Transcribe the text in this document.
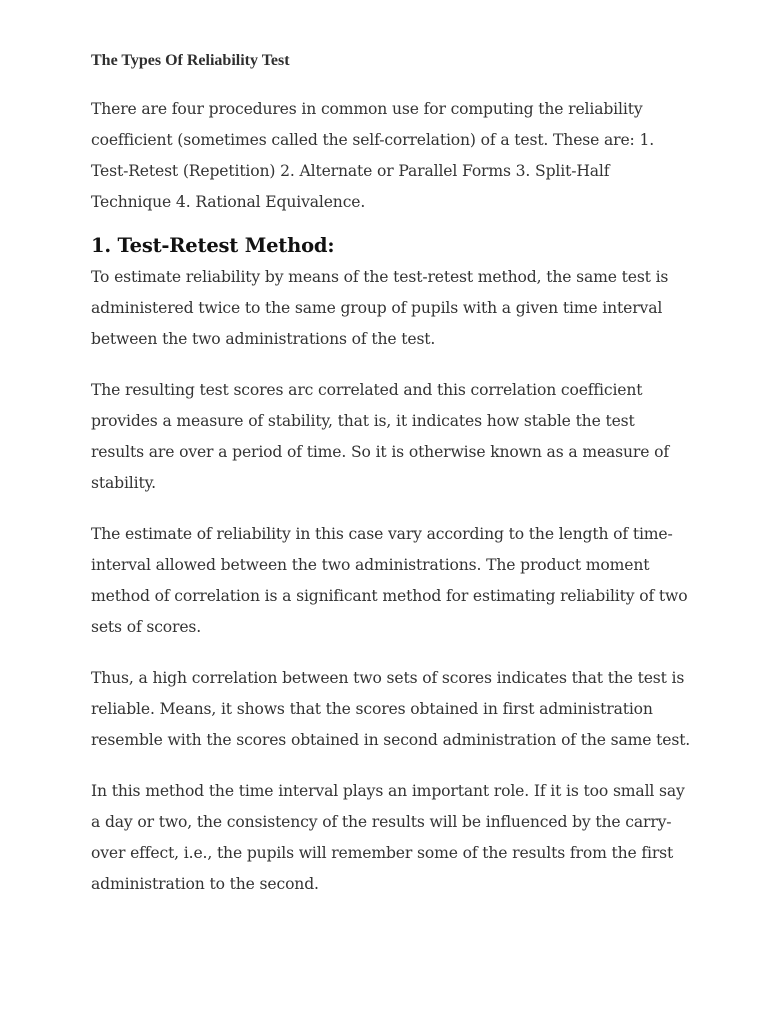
The Types Of Reliability Test

There are four procedures in common use for computing the reliability coefficient (sometimes called the self-correlation) of a test. These are: 1. Test-Retest (Repetition) 2. Alternate or Parallel Forms 3. Split-Half Technique 4. Rational Equivalence.

1. Test-Retest Method:

To estimate reliability by means of the test-retest method, the same test is administered twice to the same group of pupils with a given time interval between the two administrations of the test.

The resulting test scores arc correlated and this correlation coefficient provides a measure of stability, that is, it indicates how stable the test results are over a period of time. So it is otherwise known as a measure of stability.

The estimate of reliability in this case vary according to the length of time-interval allowed between the two administrations. The product moment method of correlation is a significant method for estimating reliability of two sets of scores.

Thus, a high correlation between two sets of scores indicates that the test is reliable. Means, it shows that the scores obtained in first administration resemble with the scores obtained in second administration of the same test.

In this method the time interval plays an important role. If it is too small say a day or two, the consistency of the results will be influenced by the carry-over effect, i.e., the pupils will remember some of the results from the first administration to the second.
